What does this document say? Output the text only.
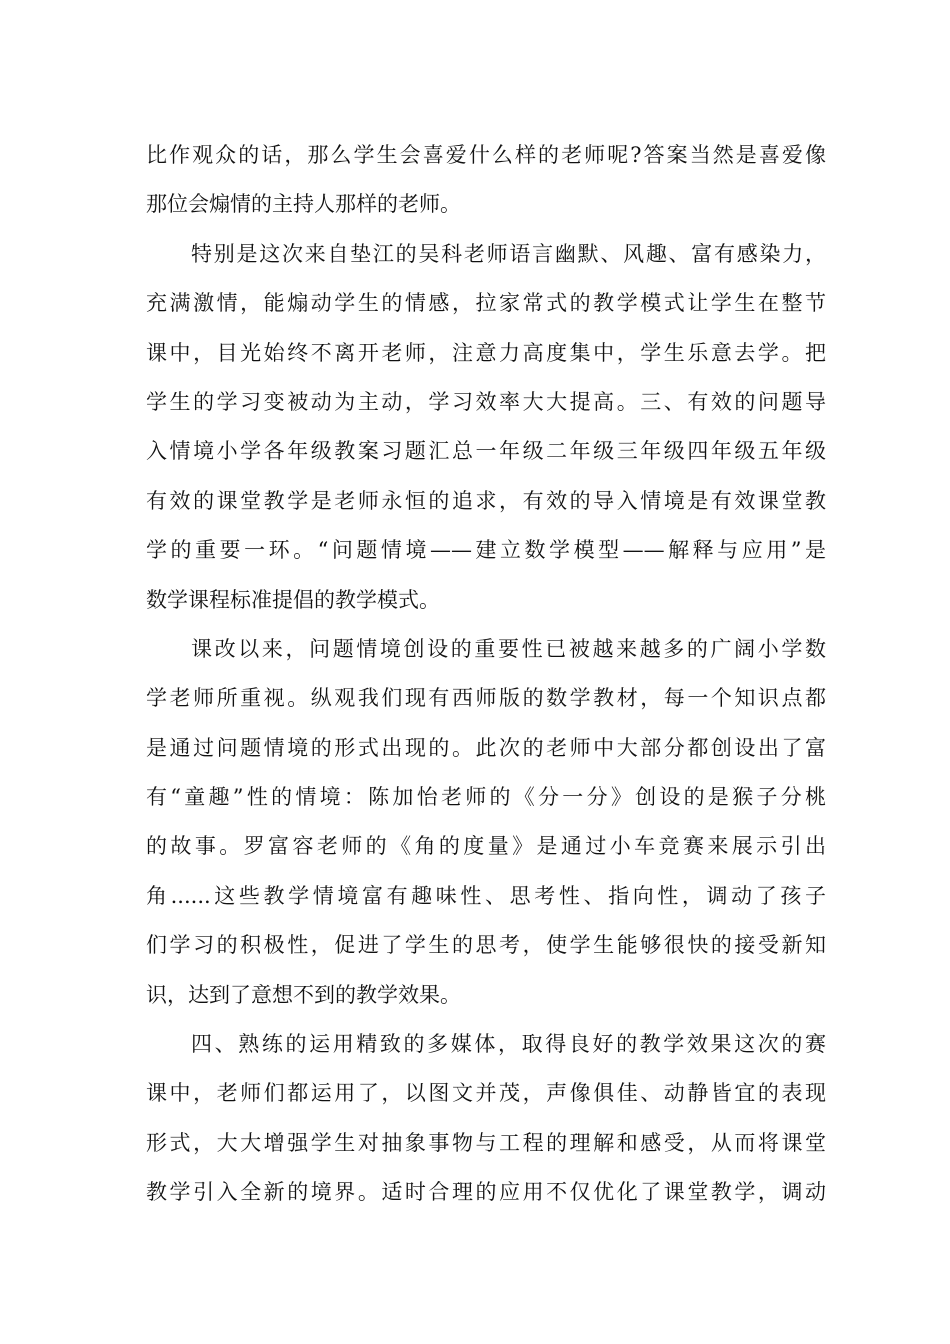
比作观众的话，那么学生会喜爱什么样的老师呢?答案当然是喜爱像
那位会煽情的主持人那样的老师。
特别是这次来自垫江的吴科老师语言幽默、风趣、富有感染力，
充满激情，能煽动学生的情感，拉家常式的教学模式让学生在整节
课中，目光始终不离开老师，注意力高度集中，学生乐意去学。把
学生的学习变被动为主动，学习效率大大提高。三、有效的问题导
入情境小学各年级教案习题汇总一年级二年级三年级四年级五年级
有效的课堂教学是老师永恒的追求，有效的导入情境是有效课堂教
学的重要一环。“问题情境——建立数学模型——解释与应用”是
数学课程标准提倡的教学模式。
课改以来，问题情境创设的重要性已被越来越多的广阔小学数
学老师所重视。纵观我们现有西师版的数学教材，每一个知识点都
是通过问题情境的形式出现的。此次的老师中大部分都创设出了富
有“童趣”性的情境：陈加怡老师的《分一分》创设的是猴子分桃
的故事。罗富容老师的《角的度量》是通过小车竞赛来展示引出
角......这些教学情境富有趣味性、思考性、指向性，调动了孩子
们学习的积极性，促进了学生的思考，使学生能够很快的接受新知
识，达到了意想不到的教学效果。
四、熟练的运用精致的多媒体，取得良好的教学效果这次的赛
课中，老师们都运用了，以图文并茂，声像俱佳、动静皆宜的表现
形式，大大增强学生对抽象事物与工程的理解和感受，从而将课堂
教学引入全新的境界。适时合理的应用不仅优化了课堂教学，调动
